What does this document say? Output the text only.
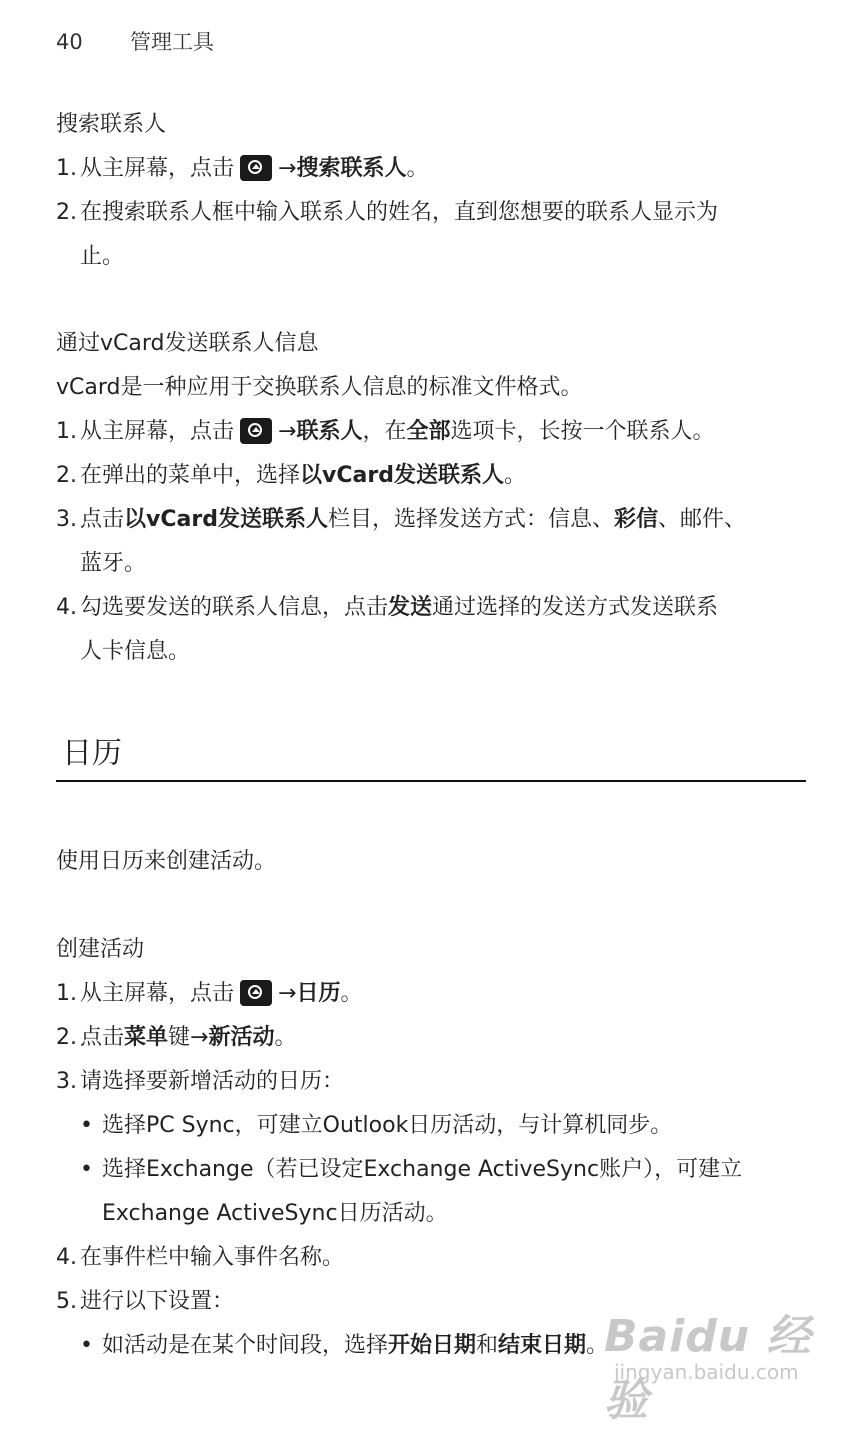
40 管理工具
搜索联系人
1. 从主屏幕，点击 →搜索联系人。
2. 在搜索联系人框中输入联系人的姓名，直到您想要的联系人显示为
止。
通过vCard发送联系人信息
vCard是一种应用于交换联系人信息的标准文件格式。
1. 从主屏幕，点击 →联系人，在全部选项卡，长按一个联系人。
2. 在弹出的菜单中，选择以vCard发送联系人。
3. 点击以vCard发送联系人栏目，选择发送方式：信息、彩信、邮件、
蓝牙。
4. 勾选要发送的联系人信息，点击发送通过选择的发送方式发送联系
人卡信息。
日历
使用日历来创建活动。
创建活动
1. 从主屏幕，点击 →日历。
2. 点击菜单键→新活动。
3. 请选择要新增活动的日历：
• 选择PC Sync，可建立Outlook日历活动，与计算机同步。
• 选择Exchange（若已设定Exchange ActiveSync账户），可建立
Exchange ActiveSync日历活动。
4. 在事件栏中输入事件名称。
5. 进行以下设置：
• 如活动是在某个时间段，选择开始日期和结束日期。
Baidu 经验
jingyan.baidu.com
